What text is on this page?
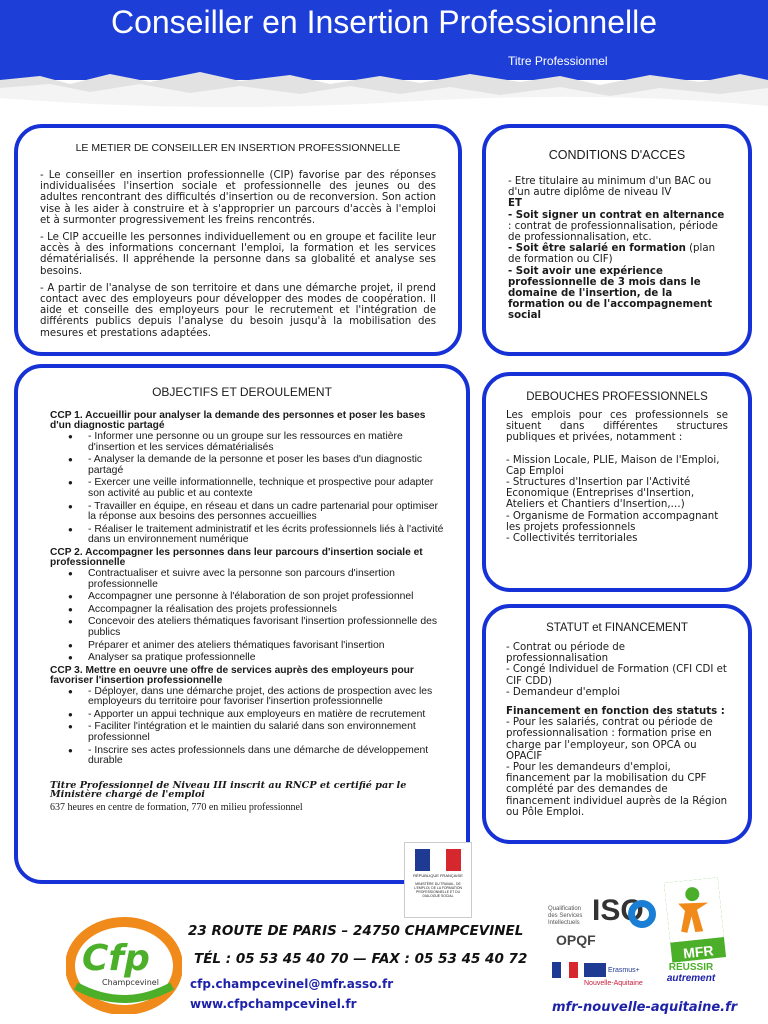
Conseiller en Insertion Professionnelle
Titre Professionnel
LE METIER DE CONSEILLER EN INSERTION PROFESSIONNELLE

- Le conseiller en insertion professionnelle (CIP) favorise par des réponses individualisées l'insertion sociale et professionnelle des jeunes ou des adultes rencontrant des difficultés d'insertion ou de reconversion. Son action vise à les aider à construire et à s'approprier un parcours d'accès à l'emploi et à surmonter progressivement les freins rencontrés.

- Le CIP accueille les personnes individuellement ou en groupe et facilite leur accès à des informations concernant l'emploi, la formation et les services dématérialisés. Il appréhende la personne dans sa globalité et analyse ses besoins.

- A partir de l'analyse de son territoire et dans une démarche projet, il prend contact avec des employeurs pour développer des modes de coopération. Il aide et conseille des employeurs pour le recrutement et l'intégration de différents publics depuis l'analyse du besoin jusqu'à la mobilisation des mesures et prestations adaptées.

CONDITIONS D'ACCES

- Etre titulaire au minimum d'un BAC ou d'un autre diplôme de niveau IV

ET

- Soit signer un contrat en alternance : contrat de professionnalisation, période de professionnalisation, etc.

- Soit être salarié en formation (plan de formation ou CIF)

- Soit avoir une expérience professionnelle de 3 mois dans le domaine de l'insertion, de la formation ou de l'accompagnement social

OBJECTIFS ET DEROULEMENT
CCP 1. Accueillir pour analyser la demande des personnes et poser les bases d'un diagnostic partagé
● - Informer une personne ou un groupe sur les ressources en matière d'insertion et les services dématérialisés
● - Analyser la demande de la personne et poser les bases d'un diagnostic partagé
● - Exercer une veille informationnelle, technique et prospective pour adapter son activité au public et au contexte
● - Travailler en équipe, en réseau et dans un cadre partenarial pour optimiser la réponse aux besoins des personnes accueillies
● - Réaliser le traitement administratif et les écrits professionnels liés à l'activité dans un environnement numérique
CCP 2. Accompagner les personnes dans leur parcours d'insertion sociale et professionnelle
● Contractualiser et suivre avec la personne son parcours d'insertion professionnelle
● Accompagner une personne à l'élaboration de son projet professionnel
● Accompagner la réalisation des projets professionnels
● Concevoir des ateliers thématiques favorisant l'insertion professionnelle des publics
● Préparer et animer des ateliers thématiques favorisant l'insertion
● Analyser sa pratique professionnelle
CCP 3. Mettre en oeuvre une offre de services auprès des employeurs pour favoriser l'insertion professionnelle
● - Déployer, dans une démarche projet, des actions de prospection avec les employeurs du territoire pour favoriser l'insertion professionnelle
● - Apporter un appui technique aux employeurs en matière de recrutement
● - Faciliter l'intégration et le maintien du salarié dans son environnement professionnel
● - Inscrire ses actes professionnels dans une démarche de développement durable
Titre Professionnel de Niveau III inscrit au RNCP et certifié par le Ministère chargé de l'emploi
637 heures en centre de formation, 770 en milieu professionnel
DEBOUCHES PROFESSIONNELS

Les emplois pour ces professionnels se situent dans différentes structures publiques et privées, notamment :

- Mission Locale, PLIE, Maison de l'Emploi, Cap Emploi

- Structures d'Insertion par l'Activité Economique (Entreprises d'Insertion, Ateliers et Chantiers d'Insertion,…)

- Organisme de Formation accompagnant les projets professionnels

- Collectivités territoriales

STATUT et FINANCEMENT

- Contrat ou période de professionnalisation

- Congé Individuel de Formation (CFI CDI et CIF CDD)

- Demandeur d'emploi

Financement en fonction des statuts :

- Pour les salariés, contrat ou période de professionnalisation : formation prise en charge par l'employeur, son OPCA ou OPACIF

- Pour les demandeurs d'emploi, financement par la mobilisation du CPF complété par des demandes de financement individuel auprès de la Région ou Pôle Emploi.

RÉPUBLIQUE FRANÇAISE
MINISTÈRE DU TRAVAIL, DE L'EMPLOI, DE LA FORMATION PROFESSIONNELLE ET DU DIALOGUE SOCIAL
Cfp
Champcevinel
23 ROUTE DE PARIS – 24750 CHAMPCEVINEL
TÉL : 05 53 45 40 70 — FAX : 05 53 45 40 72
cfp.champcevinel@mfr.asso.fr
www.cfpchampcevinel.fr
Qualification des Services Intellectuels ISQ
OPQF
MFR
Erasmus+
Nouvelle-Aquitaine
RÉUSSIR
autrement
mfr-nouvelle-aquitaine.fr
